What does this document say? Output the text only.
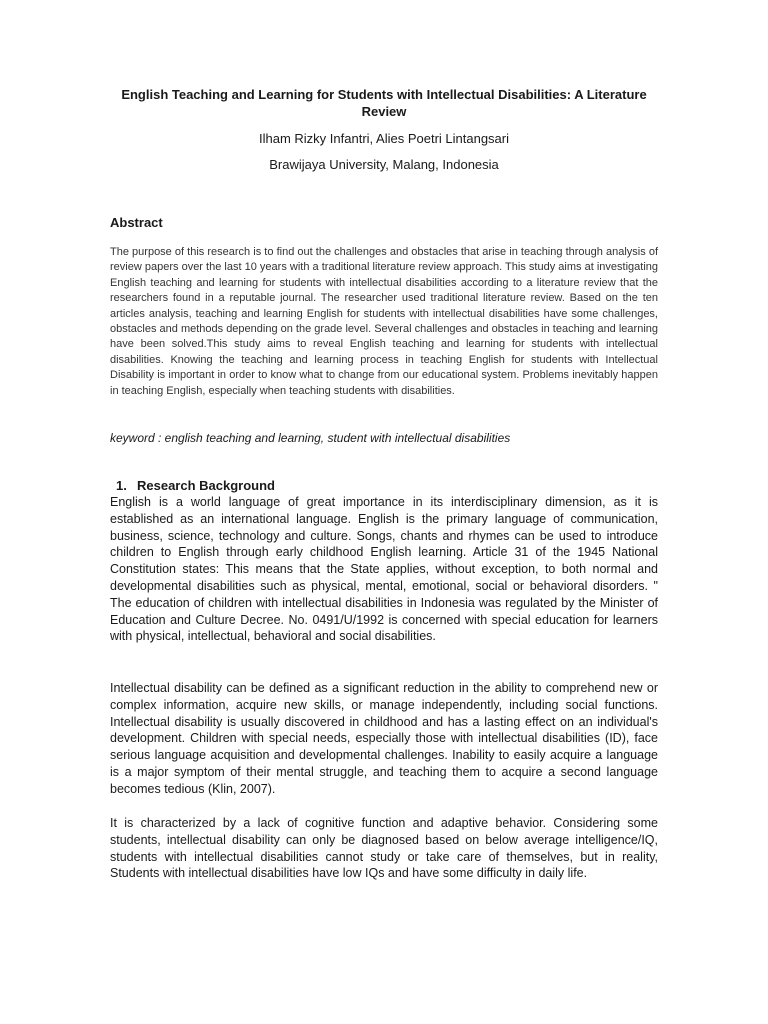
English Teaching and Learning for Students with Intellectual Disabilities: A Literature Review
Ilham Rizky Infantri, Alies Poetri Lintangsari
Brawijaya University, Malang, Indonesia
Abstract
The purpose of this research is to find out the challenges and obstacles that arise in teaching through analysis of review papers over the last 10 years with a traditional literature review approach. This study aims at investigating English teaching and learning for students with intellectual disabilities according to a literature review that the researchers found in a reputable journal. The researcher used traditional literature review. Based on the ten articles analysis, teaching and learning English for students with intellectual disabilities have some challenges, obstacles and methods depending on the grade level. Several challenges and obstacles in teaching and learning have been solved.This study aims to reveal English teaching and learning for students with intellectual disabilities. Knowing the teaching and learning process in teaching English for students with Intellectual Disability is important in order to know what to change from our educational system. Problems inevitably happen in teaching English, especially when teaching students with disabilities.
keyword : english teaching and learning, student with intellectual disabilities
1. Research Background
English is a world language of great importance in its interdisciplinary dimension, as it is established as an international language. English is the primary language of communication, business, science, technology and culture. Songs, chants and rhymes can be used to introduce children to English through early childhood English learning. Article 31 of the 1945 National Constitution states: This means that the State applies, without exception, to both normal and developmental disabilities such as physical, mental, emotional, social or behavioral disorders. " The education of children with intellectual disabilities in Indonesia was regulated by the Minister of Education and Culture Decree. No. 0491/U/1992 is concerned with special education for learners with physical, intellectual, behavioral and social disabilities.
Intellectual disability can be defined as a significant reduction in the ability to comprehend new or complex information, acquire new skills, or manage independently, including social functions. Intellectual disability is usually discovered in childhood and has a lasting effect on an individual's development. Children with special needs, especially those with intellectual disabilities (ID), face serious language acquisition and developmental challenges. Inability to easily acquire a language is a major symptom of their mental struggle, and teaching them to acquire a second language becomes tedious (Klin, 2007).
It is characterized by a lack of cognitive function and adaptive behavior. Considering some students, intellectual disability can only be diagnosed based on below average intelligence/IQ, students with intellectual disabilities cannot study or take care of themselves, but in reality, Students with intellectual disabilities have low IQs and have some difficulty in daily life.
